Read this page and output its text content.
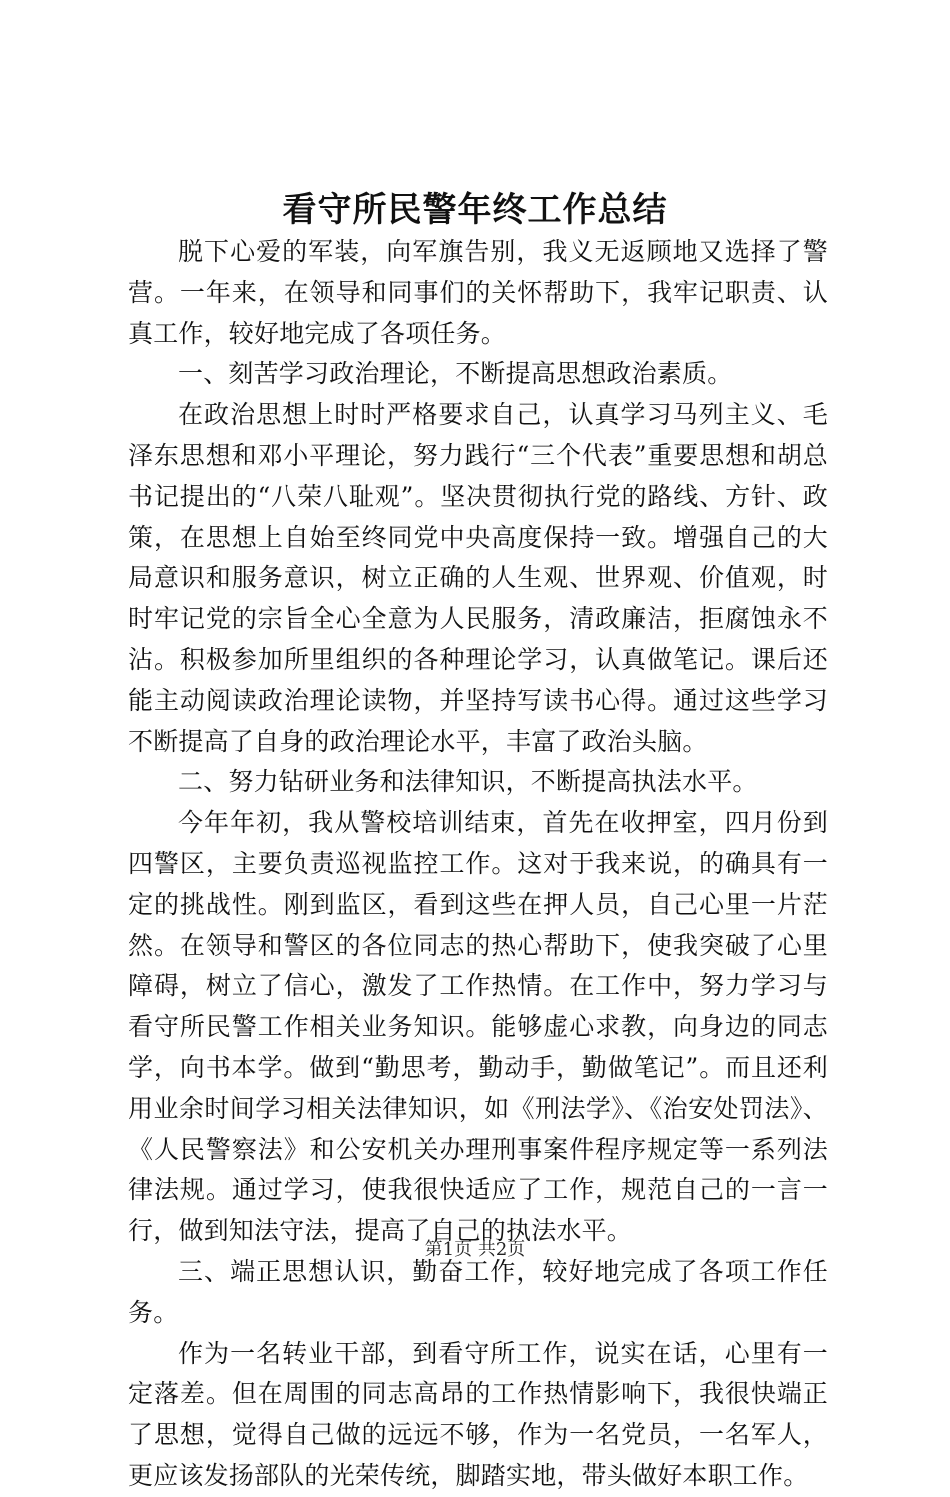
看守所民警年终工作总结

脱下心爱的军装，向军旗告别，我义无返顾地又选择了警营。一年来，在领导和同事们的关怀帮助下，我牢记职责、认真工作，较好地完成了各项任务。

一、刻苦学习政治理论，不断提高思想政治素质。

在政治思想上时时严格要求自己，认真学习马列主义、毛泽东思想和邓小平理论，努力践行“三个代表”重要思想和胡总书记提出的“八荣八耻观”。坚决贯彻执行党的路线、方针、政策，在思想上自始至终同党中央高度保持一致。增强自己的大局意识和服务意识，树立正确的人生观、世界观、价值观，时时牢记党的宗旨全心全意为人民服务，清政廉洁，拒腐蚀永不沾。积极参加所里组织的各种理论学习，认真做笔记。课后还能主动阅读政治理论读物，并坚持写读书心得。通过这些学习不断提高了自身的政治理论水平，丰富了政治头脑。

二、努力钻研业务和法律知识，不断提高执法水平。

今年年初，我从警校培训结束，首先在收押室，四月份到四警区，主要负责巡视监控工作。这对于我来说，的确具有一定的挑战性。刚到监区，看到这些在押人员，自己心里一片茫然。在领导和警区的各位同志的热心帮助下，使我突破了心里障碍，树立了信心，激发了工作热情。在工作中，努力学习与看守所民警工作相关业务知识。能够虚心求教，向身边的同志学，向书本学。做到“勤思考，勤动手，勤做笔记”。而且还利用业余时间学习相关法律知识，如《刑法学》、《治安处罚法》、《人民警察法》和公安机关办理刑事案件程序规定等一系列法律法规。通过学习，使我很快适应了工作，规范自己的一言一行，做到知法守法，提高了自己的执法水平。

三、端正思想认识，勤奋工作，较好地完成了各项工作任务。

作为一名转业干部，到看守所工作，说实在话，心里有一定落差。但在周围的同志高昂的工作热情影响下，我很快端正了思想，觉得自己做的远远不够，作为一名党员，一名军人，更应该发扬部队的光荣传统，脚踏实地，带头做好本职工作。

第1页 共2页
